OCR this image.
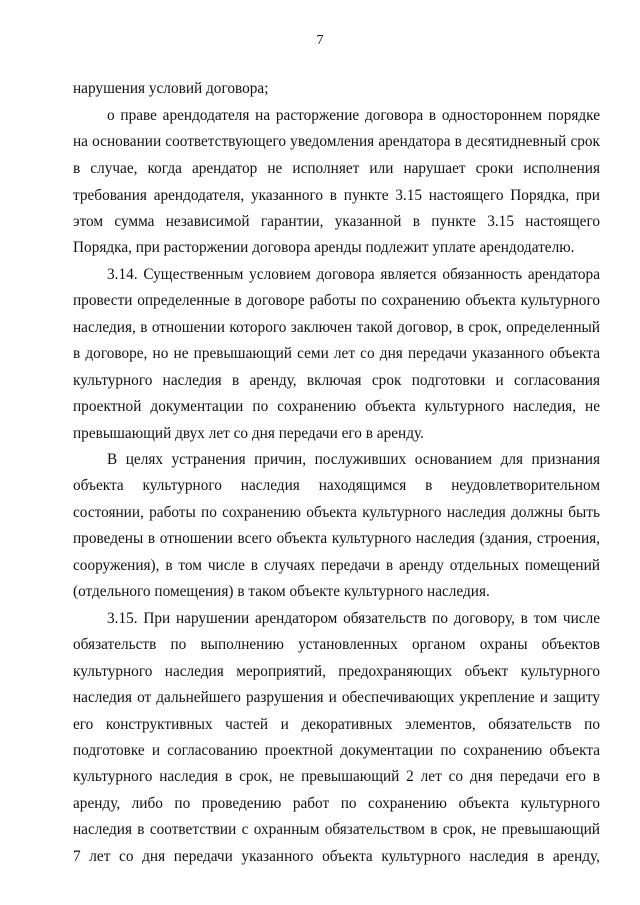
7
нарушения условий договора;
о праве арендодателя на расторжение договора в одностороннем порядке
на основании соответствующего уведомления арендатора в десятидневный срок
в случае, когда арендатор не исполняет или нарушает сроки исполнения
требования арендодателя, указанного в пункте 3.15 настоящего Порядка, при
этом сумма независимой гарантии, указанной в пункте 3.15 настоящего
Порядка, при расторжении договора аренды подлежит уплате арендодателю.
3.14. Существенным условием договора является обязанность арендатора
провести определенные в договоре работы по сохранению объекта культурного
наследия, в отношении которого заключен такой договор, в срок, определенный
в договоре, но не превышающий семи лет со дня передачи указанного объекта
культурного наследия в аренду, включая срок подготовки и согласования
проектной документации по сохранению объекта культурного наследия, не
превышающий двух лет со дня передачи его в аренду.
В целях устранения причин, послуживших основанием для признания
объекта культурного наследия находящимся в неудовлетворительном
состоянии, работы по сохранению объекта культурного наследия должны быть
проведены в отношении всего объекта культурного наследия (здания, строения,
сооружения), в том числе в случаях передачи в аренду отдельных помещений
(отдельного помещения) в таком объекте культурного наследия.
3.15. При нарушении арендатором обязательств по договору, в том числе
обязательств по выполнению установленных органом охраны объектов
культурного наследия мероприятий, предохраняющих объект культурного
наследия от дальнейшего разрушения и обеспечивающих укрепление и защиту
его конструктивных частей и декоративных элементов, обязательств по
подготовке и согласованию проектной документации по сохранению объекта
культурного наследия в срок, не превышающий 2 лет со дня передачи его в
аренду, либо по проведению работ по сохранению объекта культурного
наследия в соответствии с охранным обязательством в срок, не превышающий
7 лет со дня передачи указанного объекта культурного наследия в аренду,
